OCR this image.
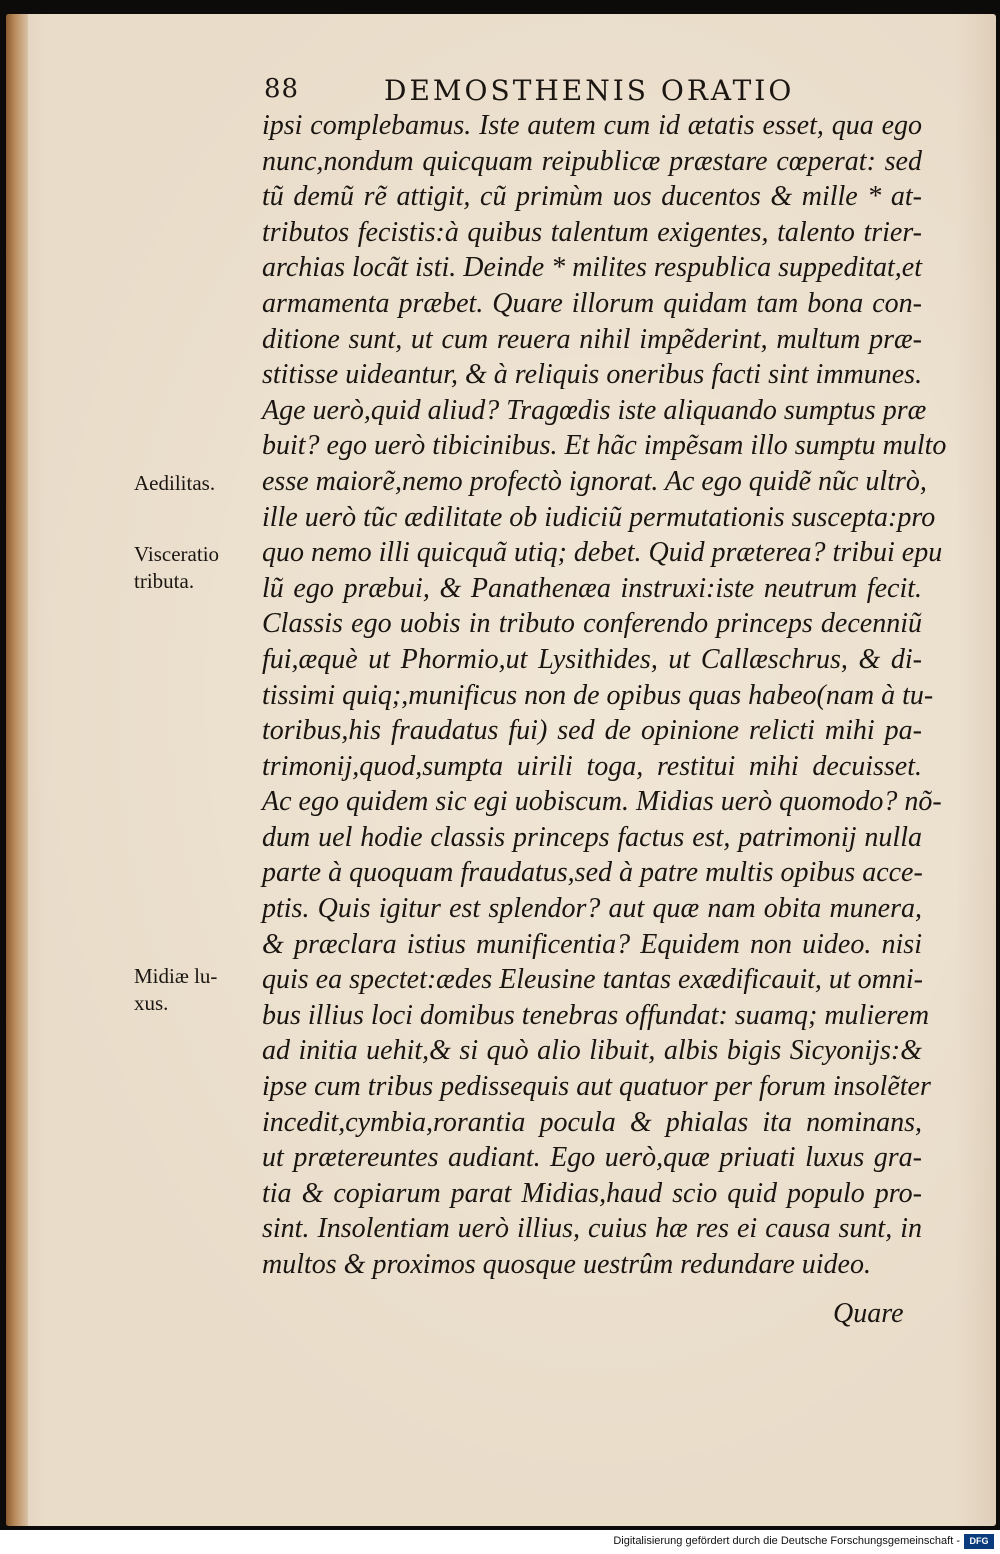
88	DEMOSTHENIS ORATIO
ipsi complebamus. Iste autem cum id ætatis esset, qua ego
nunc,nondum quicquam reipublicæ præstare cœperat: sed
tũ demũ rẽ attigit, cũ primùm uos ducentos & mille * at-
tributos fecistis:à quibus talentum exigentes, talento trier-
archias locãt isti. Deinde * milites respublica suppeditat,et
armamenta præbet. Quare illorum quidam tam bona con-
ditione sunt, ut cum reuera nihil impẽderint, multum præ-
stitisse uideantur, & à reliquis oneribus facti sint immunes.
Age uerò,quid aliud? Tragœdis iste aliquando sumptus præ
buit? ego uerò tibicinibus. Et hãc impẽsam illo sumptu multo
esse maiorẽ,nemo profectò ignorat. Ac ego quidẽ nũc ultrò,
ille uerò tũc ædilitate ob iudiciũ permutationis suscepta:pro
quo nemo illi quicquã utiq; debet. Quid præterea? tribui epu
lũ ego præbui, & Panathenæa instruxi:iste neutrum fecit.
Classis ego uobis in tributo conferendo princeps decenniũ
fui,æquè ut Phormio,ut Lysithides, ut Callæschrus, & di-
tissimi quiq;,munificus non de opibus quas habeo(nam à tu-
toribus,his fraudatus fui) sed de opinione relicti mihi pa-
trimonij,quod,sumpta uirili toga, restitui mihi decuisset.
Ac ego quidem sic egi uobiscum. Midias uerò quomodo? nõ-
dum uel hodie classis princeps factus est, patrimonij nulla
parte à quoquam fraudatus,sed à patre multis opibus acce-
ptis. Quis igitur est splendor? aut quæ nam obita munera,
& præclara istius munificentia? Equidem non uideo. nisi
quis ea spectet:ædes Eleusine tantas exædificauit, ut omni-
bus illius loci domibus tenebras offundat: suamq; mulierem
ad initia uehit,& si quò alio libuit, albis bigis Sicyonijs:&
ipse cum tribus pedissequis aut quatuor per forum insolẽter
incedit,cymbia,rorantia pocula & phialas ita nominans,
ut prætereuntes audiant. Ego uerò,quæ priuati luxus gra-
tia & copiarum parat Midias,haud scio quid populo pro-
sint. Insolentiam uerò illius, cuius hæ res ei causa sunt, in
multos & proximos quosque uestrûm redundare uideo.
Quare
Aedilitas.
Visceratio
tributa.
Midiæ lu-
xus.
Digitalisierung gefördert durch die Deutsche Forschungsgemeinschaft -	DFG
